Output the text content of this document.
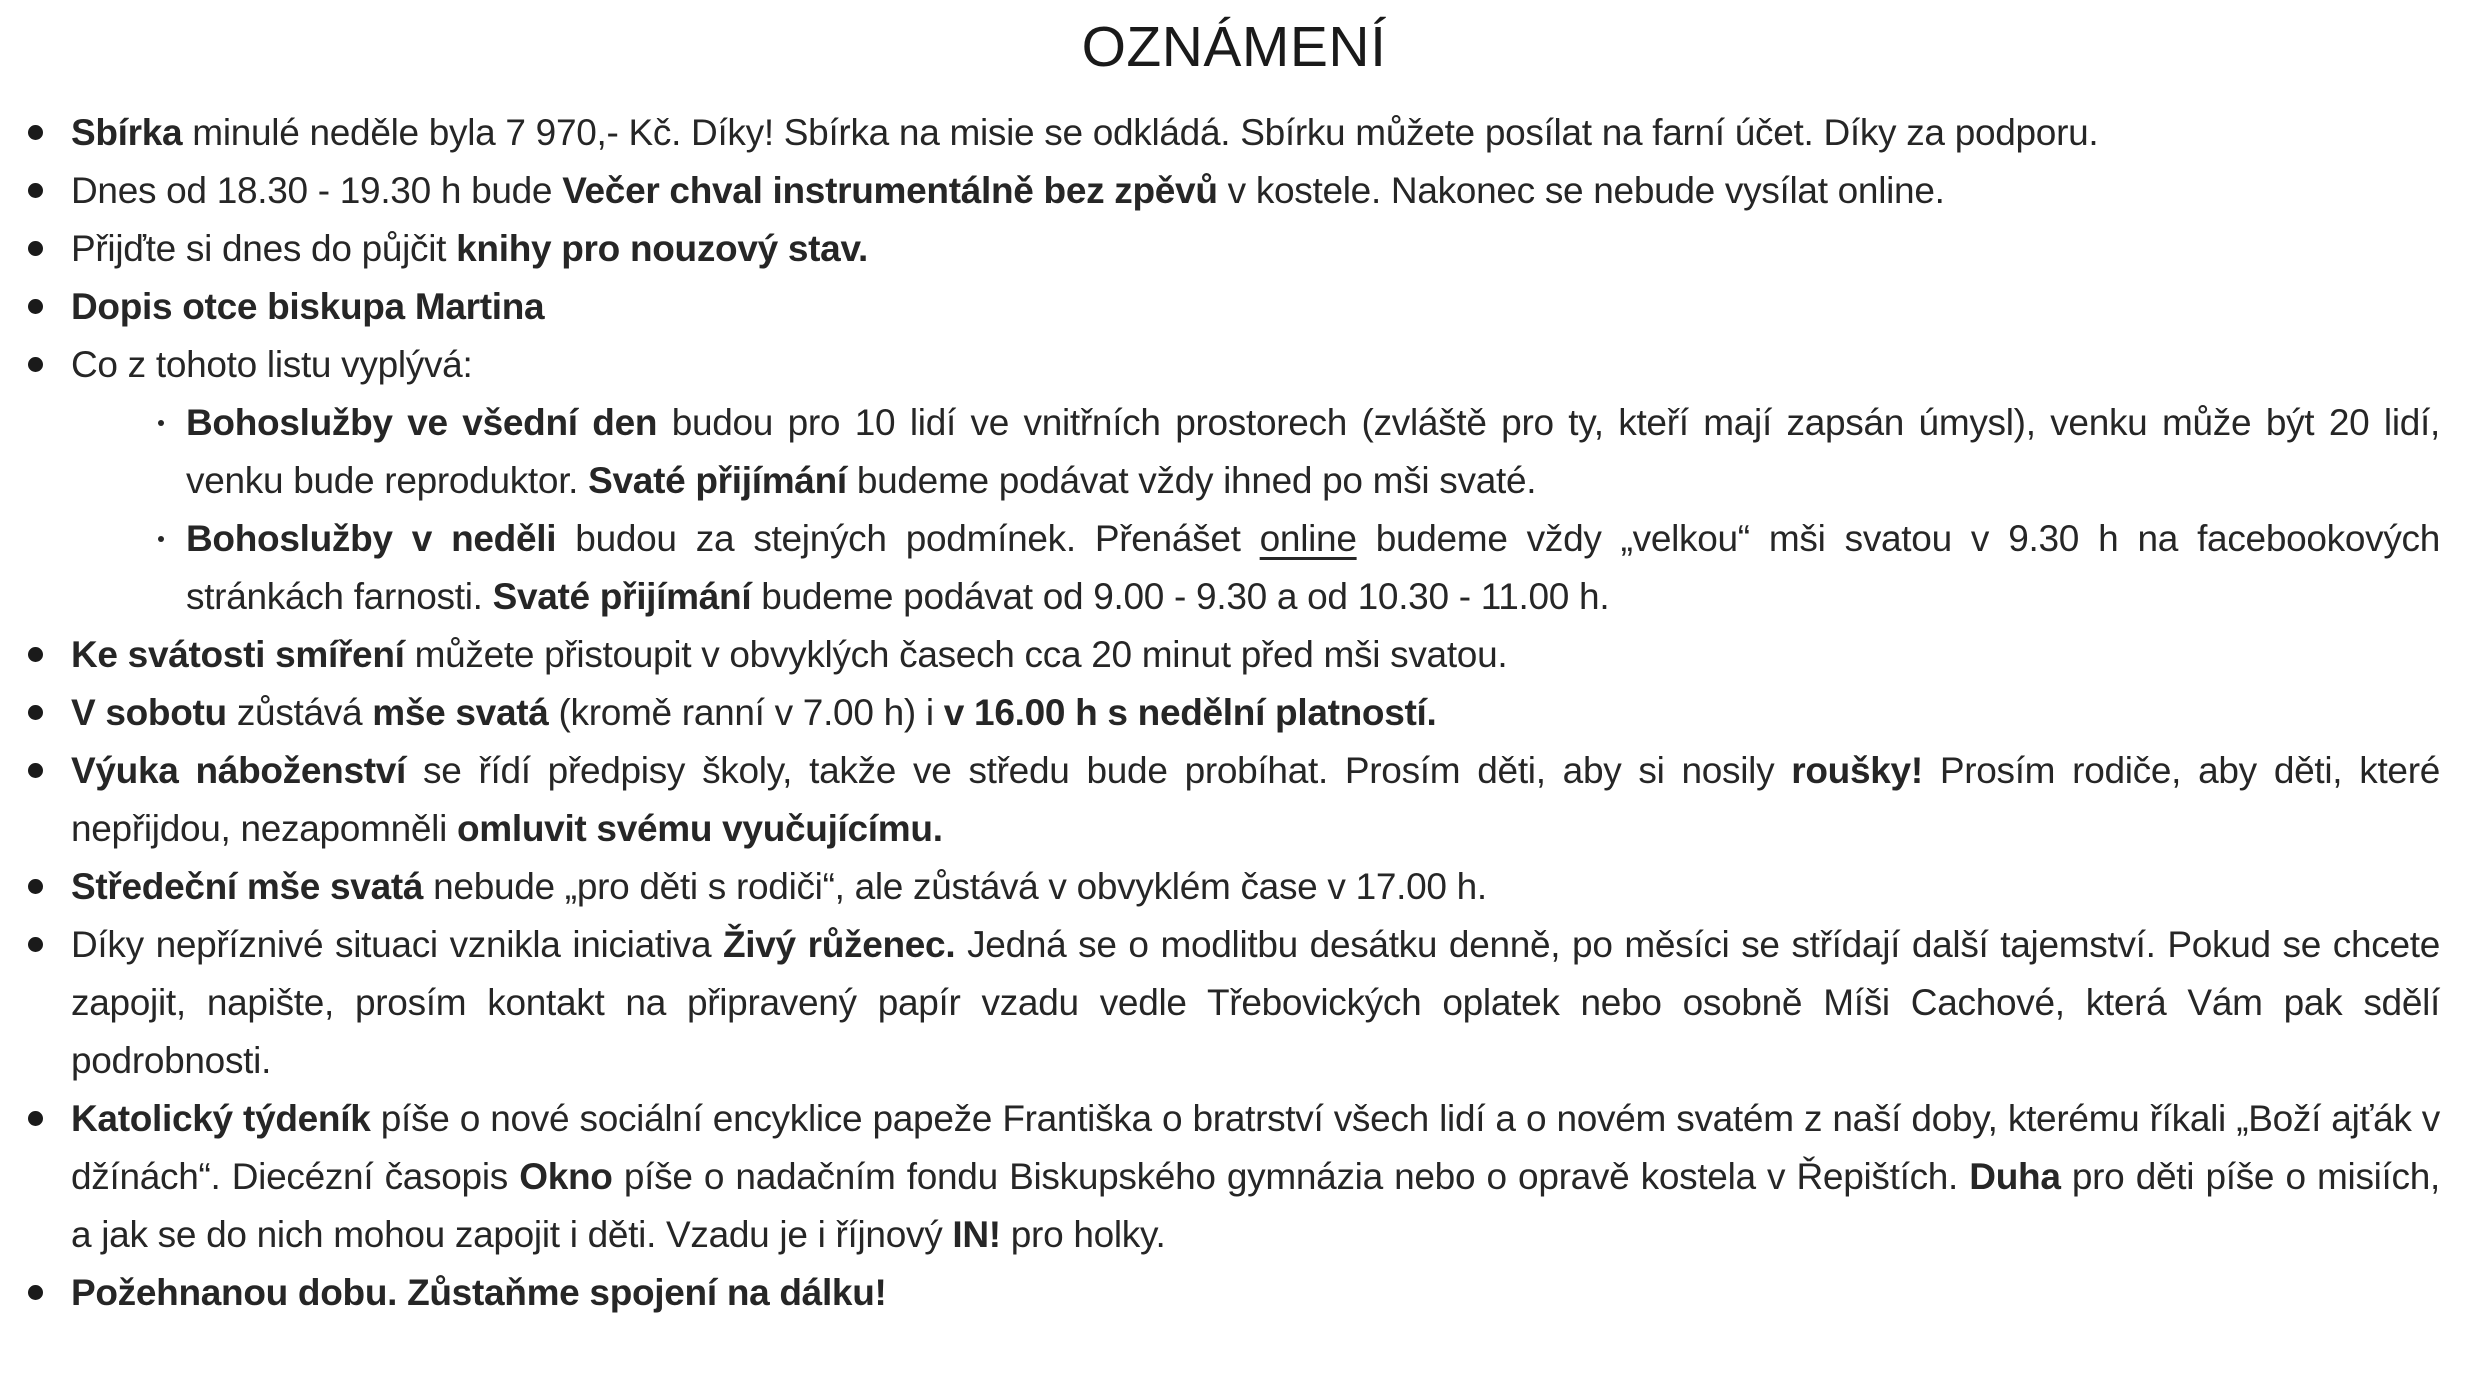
OZNÁMENÍ
Sbírka minulé neděle byla 7 970,- Kč. Díky! Sbírka na misie se odkládá. Sbírku můžete posílat na farní účet. Díky za podporu.
Dnes od 18.30 - 19.30 h bude Večer chval instrumentálně bez zpěvů v kostele. Nakonec se nebude vysílat online.
Přijďte si dnes do půjčit knihy pro nouzový stav.
Dopis otce biskupa Martina
Co z tohoto listu vyplývá:
Bohoslužby ve všední den budou pro 10 lidí ve vnitřních prostorech (zvláště pro ty, kteří mají zapsán úmysl), venku může být 20 lidí, venku bude reproduktor. Svaté přijímání budeme podávat vždy ihned po mši svaté.
Bohoslužby v neděli budou za stejných podmínek. Přenášet online budeme vždy „velkou“ mši svatou v 9.30 h na facebookových stránkách farnosti. Svaté přijímání budeme podávat od 9.00 - 9.30 a od 10.30 - 11.00 h.
Ke svátosti smíření můžete přistoupit v obvyklých časech cca 20 minut před mši svatou.
V sobotu zůstává mše svatá (kromě ranní v 7.00 h) i v 16.00 h s nedělní platností.
Výuka náboženství se řídí předpisy školy, takže ve středu bude probíhat. Prosím děti, aby si nosily roušky! Prosím rodiče, aby děti, které nepřijdou, nezapomněli omluvit svému vyučujícímu.
Středeční mše svatá nebude „pro děti s rodiči“, ale zůstává v obvyklém čase v 17.00 h.
Díky nepříznivé situaci vznikla iniciativa Živý růženec. Jedná se o modlitbu desátku denně, po měsíci se střídají další tajemství. Pokud se chcete zapojit, napište, prosím kontakt na připravený papír vzadu vedle Třebovických oplatek nebo osobně Míši Cachové, která Vám pak sdělí podrobnosti.
Katolický týdeník píše o nové sociální encyklice papeže Františka o bratrství všech lidí a o novém svatém z naší doby, kterému říkali „Boží ajťák v džínách“. Diecézní časopis Okno píše o nadačním fondu Biskupského gymnázia nebo o opravě kostela v Řepištích. Duha pro děti píše o misiích, a jak se do nich mohou zapojit i děti. Vzadu je i říjnový IN! pro holky.
Požehnanou dobu. Zůstaňme spojení na dálku!
